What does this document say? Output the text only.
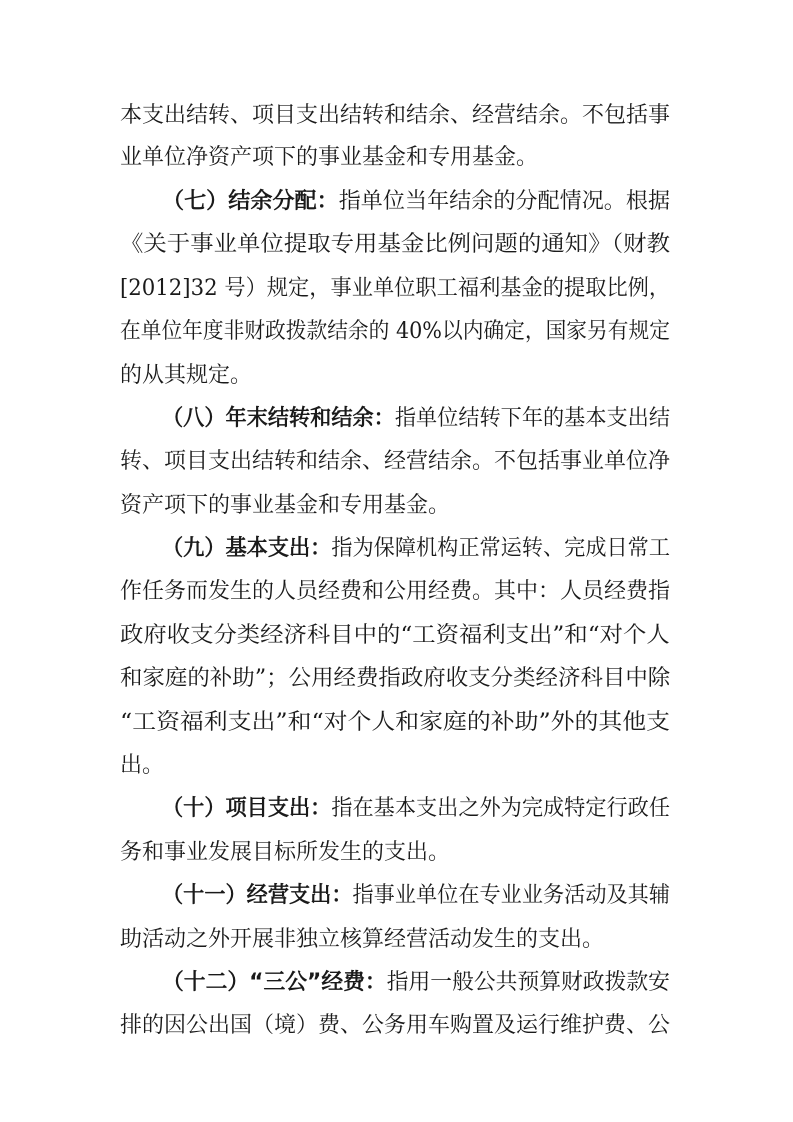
本支出结转、项目支出结转和结余、经营结余。不包括事
业单位净资产项下的事业基金和专用基金。
（七）结余分配：指单位当年结余的分配情况。根据
《关于事业单位提取专用基金比例问题的通知》（财教
[2012]32 号）规定，事业单位职工福利基金的提取比例，
在单位年度非财政拨款结余的 40%以内确定，国家另有规定
的从其规定。
（八）年末结转和结余：指单位结转下年的基本支出结
转、项目支出结转和结余、经营结余。不包括事业单位净
资产项下的事业基金和专用基金。
（九）基本支出：指为保障机构正常运转、完成日常工
作任务而发生的人员经费和公用经费。其中：人员经费指
政府收支分类经济科目中的“工资福利支出”和“对个人
和家庭的补助”；公用经费指政府收支分类经济科目中除
“工资福利支出”和“对个人和家庭的补助”外的其他支
出。
（十）项目支出：指在基本支出之外为完成特定行政任
务和事业发展目标所发生的支出。
（十一）经营支出：指事业单位在专业业务活动及其辅
助活动之外开展非独立核算经营活动发生的支出。
（十二）“三公”经费：指用一般公共预算财政拨款安
排的因公出国（境）费、公务用车购置及运行维护费、公
